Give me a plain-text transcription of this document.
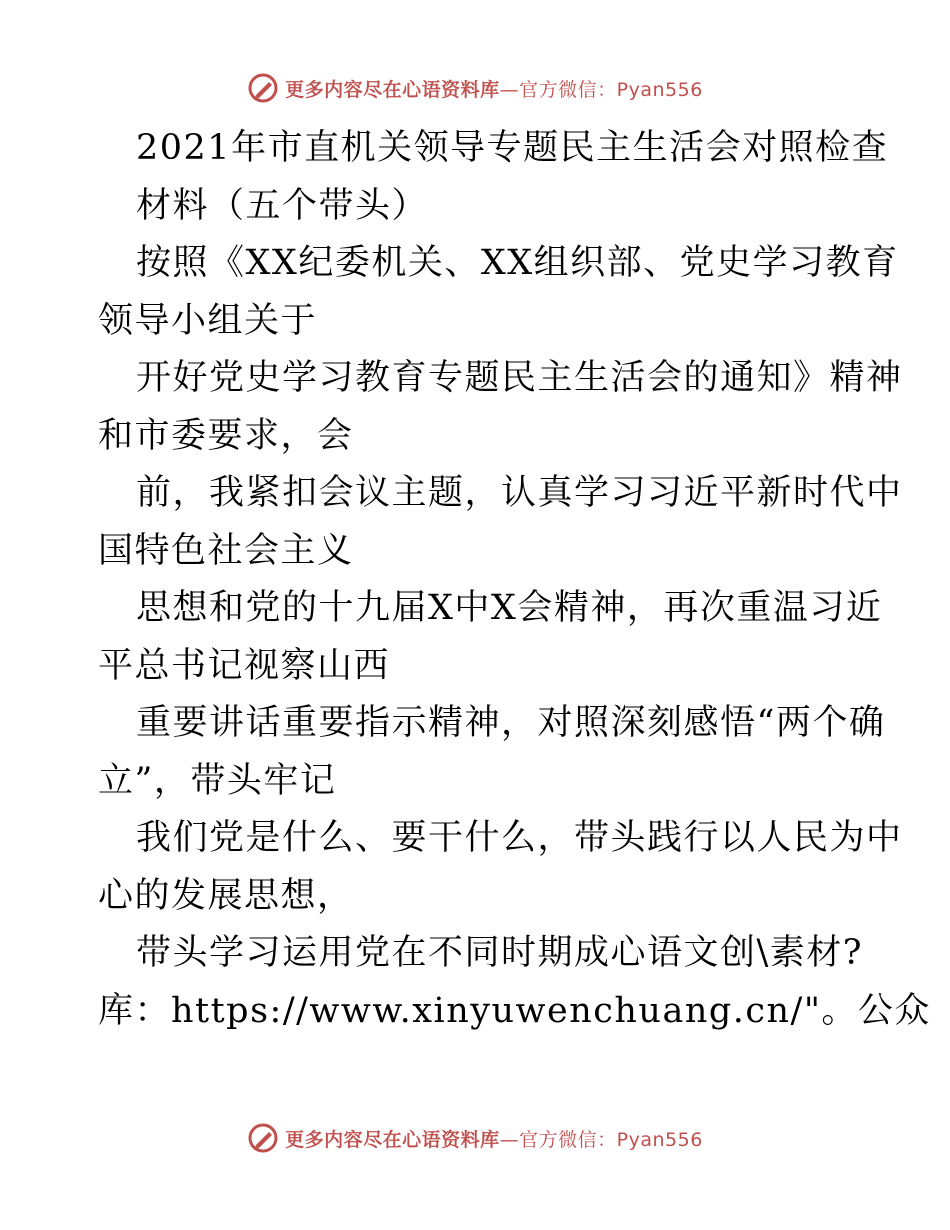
更多内容尽在心语资料库 —官方微信：Pyan556
2021年市直机关领导专题民主生活会对照检查
材料（五个带头）
按照《XX纪委机关、XX组织部、党史学习教育
领导小组关于
开好党史学习教育专题民主生活会的通知》精神
和市委要求，会
前，我紧扣会议主题，认真学习习近平新时代中
国特色社会主义
思想和党的十九届X中X会精神，再次重温习近
平总书记视察山西
重要讲话重要指示精神，对照深刻感悟“两个确
立”，带头牢记
我们党是什么、要干什么，带头践行以人民为中
心的发展思想，
带头学习运用党在不同时期成心语文创\素材?
库：https://www.xinyuwenchuang.cn/"。公众
更多内容尽在心语资料库 —官方微信：Pyan556
